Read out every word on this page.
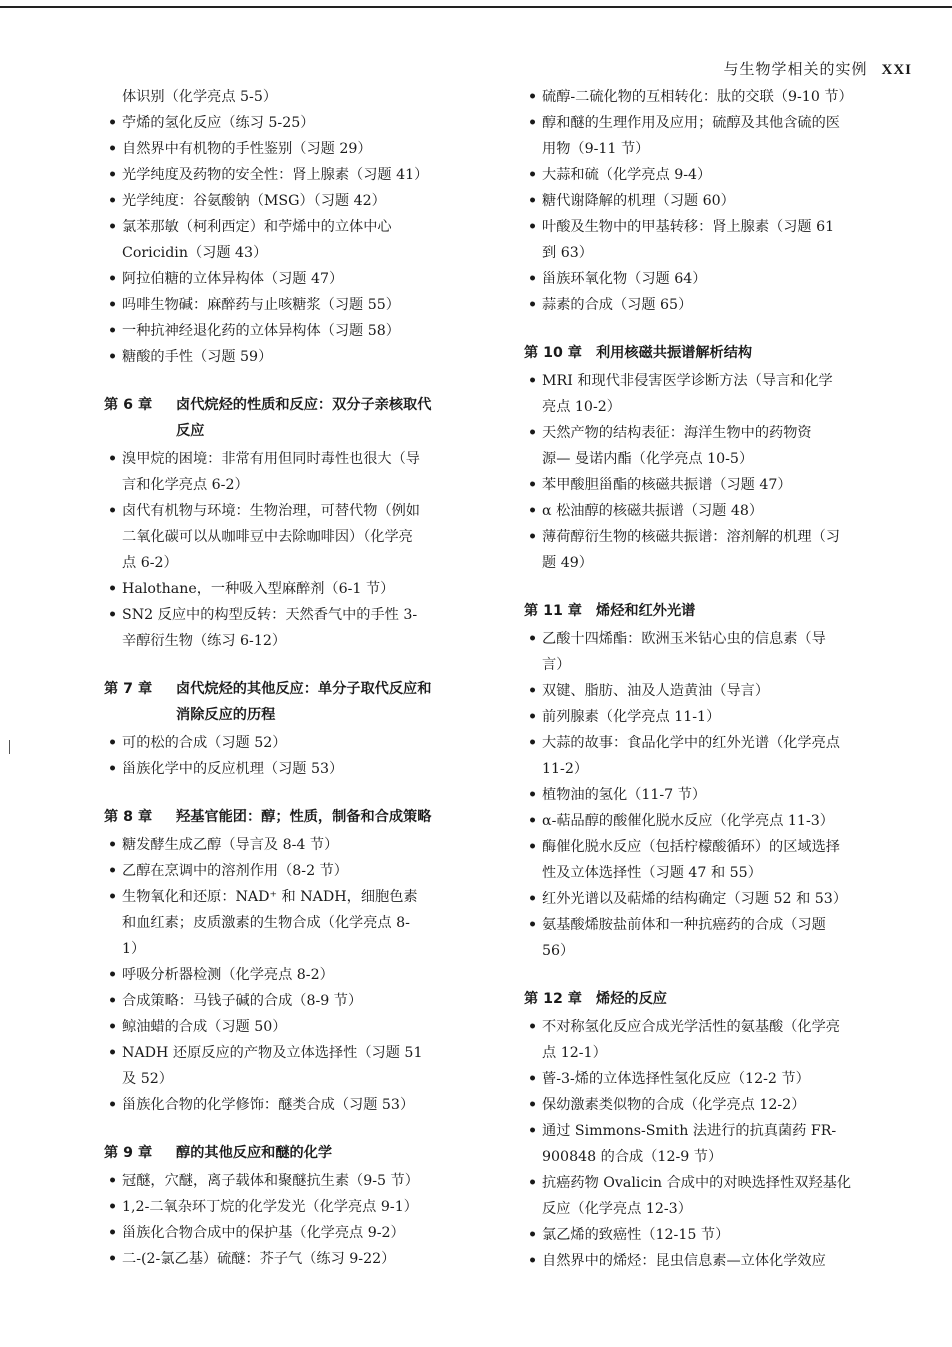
与生物学相关的实例 XXI
体识别（化学亮点 5-5）
• 苧烯的氢化反应（练习 5-25）
• 自然界中有机物的手性鉴别（习题 29）
• 光学纯度及药物的安全性：肾上腺素（习题 41）
• 光学纯度：谷氨酸钠（MSG）（习题 42）
• 氯苯那敏（柯利西定）和苧烯中的立体中心
Coricidin（习题 43）
• 阿拉伯糖的立体异构体（习题 47）
• 吗啡生物碱：麻醉药与止咳糖浆（习题 55）
• 一种抗神经退化药的立体异构体（习题 58）
• 糖酸的手性（习题 59）
第 6 章 卤代烷烃的性质和反应：双分子亲核取代
反应
• 溴甲烷的困境：非常有用但同时毒性也很大（导
言和化学亮点 6-2）
• 卤代有机物与环境：生物治理，可替代物（例如
二氧化碳可以从咖啡豆中去除咖啡因）（化学亮
点 6-2）
• Halothane，一种吸入型麻醉剂（6-1 节）
• SN2 反应中的构型反转：天然香气中的手性 3-
辛醇衍生物（练习 6-12）
第 7 章 卤代烷烃的其他反应：单分子取代反应和
消除反应的历程
• 可的松的合成（习题 52）
• 甾族化学中的反应机理（习题 53）
第 8 章 羟基官能团：醇；性质，制备和合成策略
• 糖发酵生成乙醇（导言及 8-4 节）
• 乙醇在烹调中的溶剂作用（8-2 节）
• 生物氧化和还原：NAD⁺ 和 NADH，细胞色素
和血红素；皮质激素的生物合成（化学亮点 8-
1）
• 呼吸分析器检测（化学亮点 8-2）
• 合成策略：马钱子碱的合成（8-9 节）
• 鲸油蜡的合成（习题 50）
• NADH 还原反应的产物及立体选择性（习题 51
及 52）
• 甾族化合物的化学修饰：醚类合成（习题 53）
第 9 章 醇的其他反应和醚的化学
• 冠醚，穴醚，离子载体和聚醚抗生素（9-5 节）
• 1,2-二氧杂环丁烷的化学发光（化学亮点 9-1）
• 甾族化合物合成中的保护基（化学亮点 9-2）
• 二-(2-氯乙基）硫醚：芥子气（练习 9-22）
• 硫醇-二硫化物的互相转化：肽的交联（9-10 节）
• 醇和醚的生理作用及应用；硫醇及其他含硫的医
用物（9-11 节）
• 大蒜和硫（化学亮点 9-4）
• 糖代谢降解的机理（习题 60）
• 叶酸及生物中的甲基转移：肾上腺素（习题 61
到 63）
• 甾族环氧化物（习题 64）
• 蒜素的合成（习题 65）
第 10 章 利用核磁共振谱解析结构
• MRI 和现代非侵害医学诊断方法（导言和化学
亮点 10-2）
• 天然产物的结构表征：海洋生物中的药物资
源— 曼诺内酯（化学亮点 10-5）
• 苯甲酸胆甾酯的核磁共振谱（习题 47）
• α 松油醇的核磁共振谱（习题 48）
• 薄荷醇衍生物的核磁共振谱：溶剂解的机理（习
题 49）
第 11 章 烯烃和红外光谱
• 乙酸十四烯酯：欧洲玉米钻心虫的信息素（导
言）
• 双键、脂肪、油及人造黄油（导言）
• 前列腺素（化学亮点 11-1）
• 大蒜的故事：食品化学中的红外光谱（化学亮点
11-2）
• 植物油的氢化（11-7 节）
• α-萜品醇的酸催化脱水反应（化学亮点 11-3）
• 酶催化脱水反应（包括柠檬酸循环）的区域选择
性及立体选择性（习题 47 和 55）
• 红外光谱以及萜烯的结构确定（习题 52 和 53）
• 氨基酸烯胺盐前体和一种抗癌药的合成（习题
56）
第 12 章 烯烃的反应
• 不对称氢化反应合成光学活性的氨基酸（化学亮
点 12-1）
• 蒈-3-烯的立体选择性氢化反应（12-2 节）
• 保幼激素类似物的合成（化学亮点 12-2）
• 通过 Simmons-Smith 法进行的抗真菌药 FR-
900848 的合成（12-9 节）
• 抗癌药物 Ovalicin 合成中的对映选择性双羟基化
反应（化学亮点 12-3）
• 氯乙烯的致癌性（12-15 节）
• 自然界中的烯烃：昆虫信息素—立体化学效应
